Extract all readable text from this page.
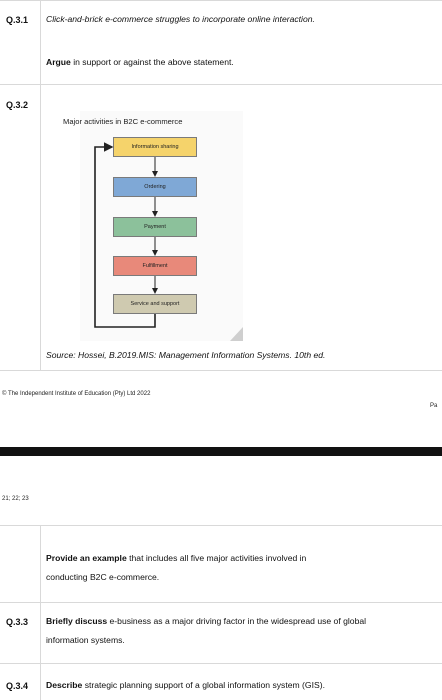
Q.3.1 Click-and-brick e-commerce struggles to incorporate online interaction.
Argue in support or against the above statement.
Q.3.2
Major activities in B2C e-commerce
Information sharing
Ordering
Payment
Fulfillment
Service and support
Source: Hossei, B.2019.MIS: Management Information Systems. 10th ed.
© The Independent Institute of Education (Pty) Ltd 2022
Pa
21; 22; 23
Provide an example that includes all five major activities involved in
conducting B2C e-commerce.
Q.3.3 Briefly discuss e-business as a major driving factor in the widespread use of global
information systems.
Q.3.4 Describe strategic planning support of a global information system (GIS).
